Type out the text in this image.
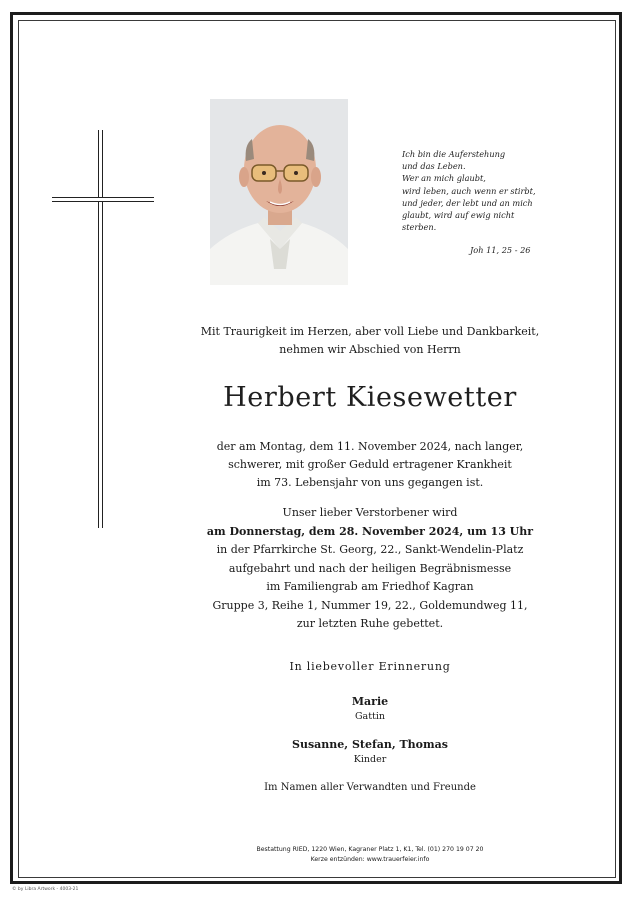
Ich bin die Auferstehung
und das Leben.
Wer an mich glaubt,
wird leben, auch wenn er stirbt,
und jeder, der lebt und an mich
glaubt, wird auf ewig nicht
sterben.
Joh 11, 25 - 26
Mit Traurigkeit im Herzen, aber voll Liebe und Dankbarkeit,
nehmen wir Abschied von Herrn
Herbert Kiesewetter
der am Montag, dem 11. November 2024, nach langer,
schwerer, mit großer Geduld ertragener Krankheit
im 73. Lebensjahr von uns gegangen ist.
Unser lieber Verstorbener wird
am Donnerstag, dem 28. November 2024, um 13 Uhr
in der Pfarrkirche St. Georg, 22., Sankt-Wendelin-Platz
aufgebahrt und nach der heiligen Begräbnismesse
im Familiengrab am Friedhof Kagran
Gruppe 3, Reihe 1, Nummer 19, 22., Goldemundweg 11,
zur letzten Ruhe gebettet.
In liebevoller Erinnerung
Marie
Gattin
Susanne, Stefan, Thomas
Kinder
Im Namen aller Verwandten und Freunde
Bestattung RIED, 1220 Wien, Kagraner Platz 1, K1, Tel. (01) 270 19 07 20
Kerze entzünden: www.trauerfeier.info
© by Libra Artwork - 4003-21
